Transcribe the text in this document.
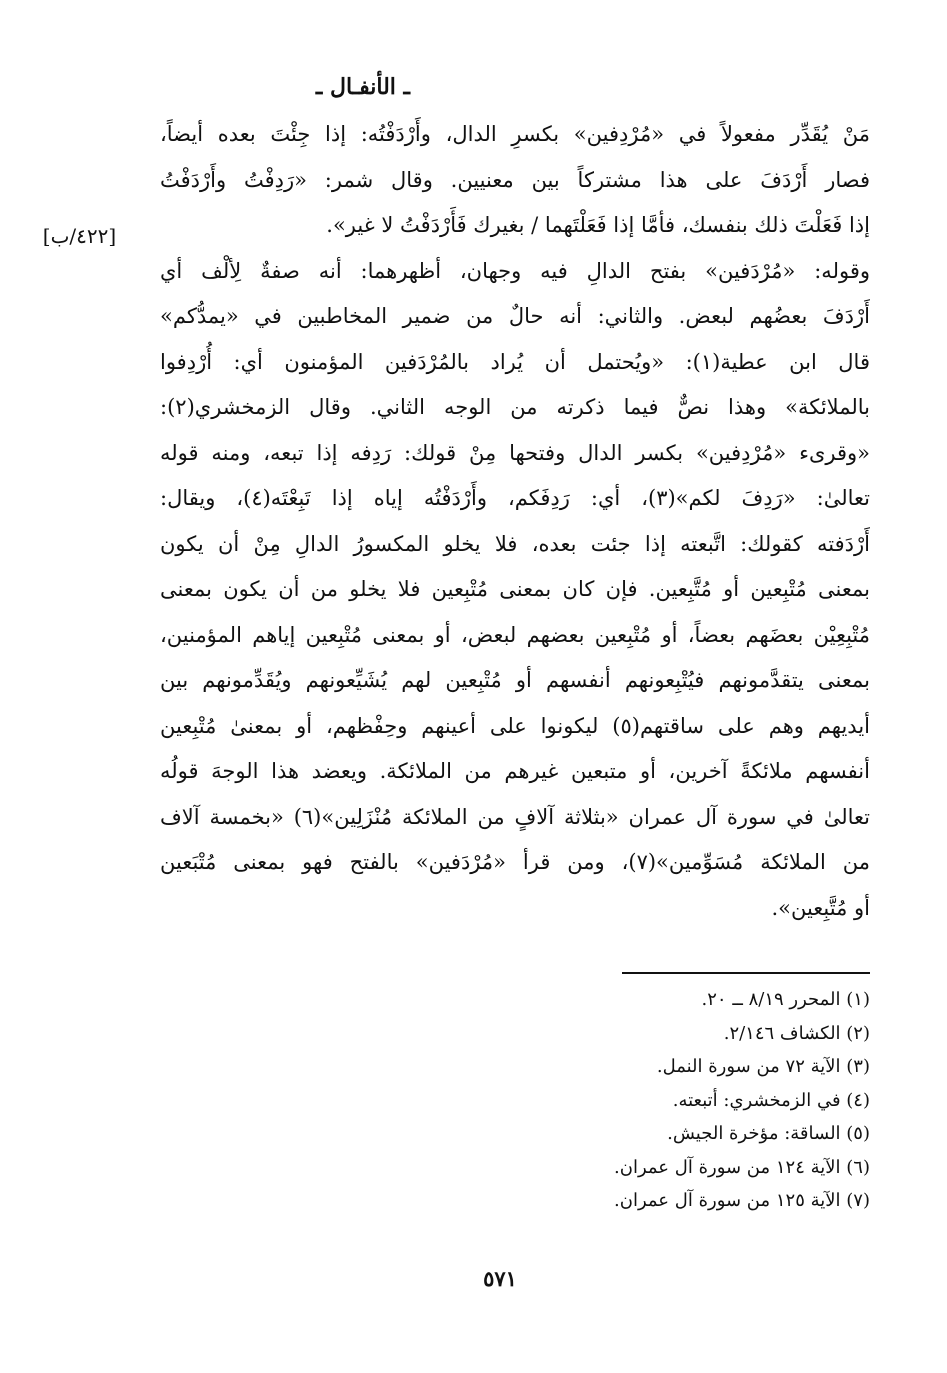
ـ الأنفـال ـ

[٤٢٢/ب]

مَنْ يُقَدِّر مفعولاً في «مُرْدِفين» بكسرِ الدال، وأَرْدَفْتُه: إذا جِئْتَ بعده أيضاً،
فصار أَرْدَفَ على هذا مشتركاً بين معنيين. وقال شمر: «رَدِفْتُ وأَرْدَفْتُ
إذا فَعَلْتَ ذلك بنفسك، فأمَّا إذا فَعَلْتَهما / بغيرك فَأَرْدَفْتُ لا غير».
وقوله: «مُرْدَفين» بفتح الدالِ فيه وجهان، أظهرهما: أنه صفةٌ لِألْف أي
أَرْدَفَ بعضُهم لبعض. والثاني: أنه حالٌ من ضمير المخاطبين في «يمدُّكم»
قال ابن عطية(١): «ويُحتمل أن يُراد بالمُرْدَفين المؤمنون أي: أُرْدِفوا
بالملائكة» وهذا نصٌّ فيما ذكرته من الوجه الثاني. وقال الزمخشري(٢):
«وقرىء «مُرْدِفين» بكسر الدال وفتحها مِنْ قولك: رَدِفه إذا تبعه، ومنه قوله
تعالىٰ: «رَدِفَ لكم»(٣)، أي: رَدِفَكم، وأَرْدَفْتُه إياه إذا تَبِعْتَه(٤)، ويقال:
أَرْدَفته كقولك: اتَّبعته إذا جئت بعده، فلا يخلو المكسورُ الدالِ مِنْ أن يكون
بمعنى مُتْبِعين أو مُتَّبِعين. فإن كان بمعنى مُتْبِعين فلا يخلو من أن يكون بمعنى
مُتْبِعِيْن بعضَهم بعضاً، أو مُتْبِعين بعضهم لبعض، أو بمعنى مُتْبِعين إياهم المؤمنين،
بمعنى يتقدَّمونهم فيُتْبِعونهم أنفسهم أو مُتْبِعين لهم يُشَيِّعونهم ويُقَدِّمونهم بين
أيديهم وهم على ساقتهم(٥) ليكونوا على أعينهم وحِفْظهم، أو بمعنىٰ مُتْبِعين
أنفسهم ملائكةً آخرين، أو متبعين غيرهم من الملائكة. ويعضد هذا الوجهَ قولُه
تعالىٰ في سورة آل عمران «بثلاثة آلافٍ من الملائكة مُنْزَلِين»(٦) «بخمسة آلاف
من الملائكة مُسَوِّمين»(٧)، ومن قرأ «مُرْدَفين» بالفتح فهو بمعنى مُتْبَعين
أو مُتَّبِعين».
(١) المحرر ٨/١٩ ــ ٢٠.
(٢) الكشاف ٢/١٤٦.
(٣) الآية ٧٢ من سورة النمل.
(٤) في الزمخشري: أتبعته.
(٥) الساقة: مؤخرة الجيش.
(٦) الآية ١٢٤ من سورة آل عمران.
(٧) الآية ١٢٥ من سورة آل عمران.

٥٧١
